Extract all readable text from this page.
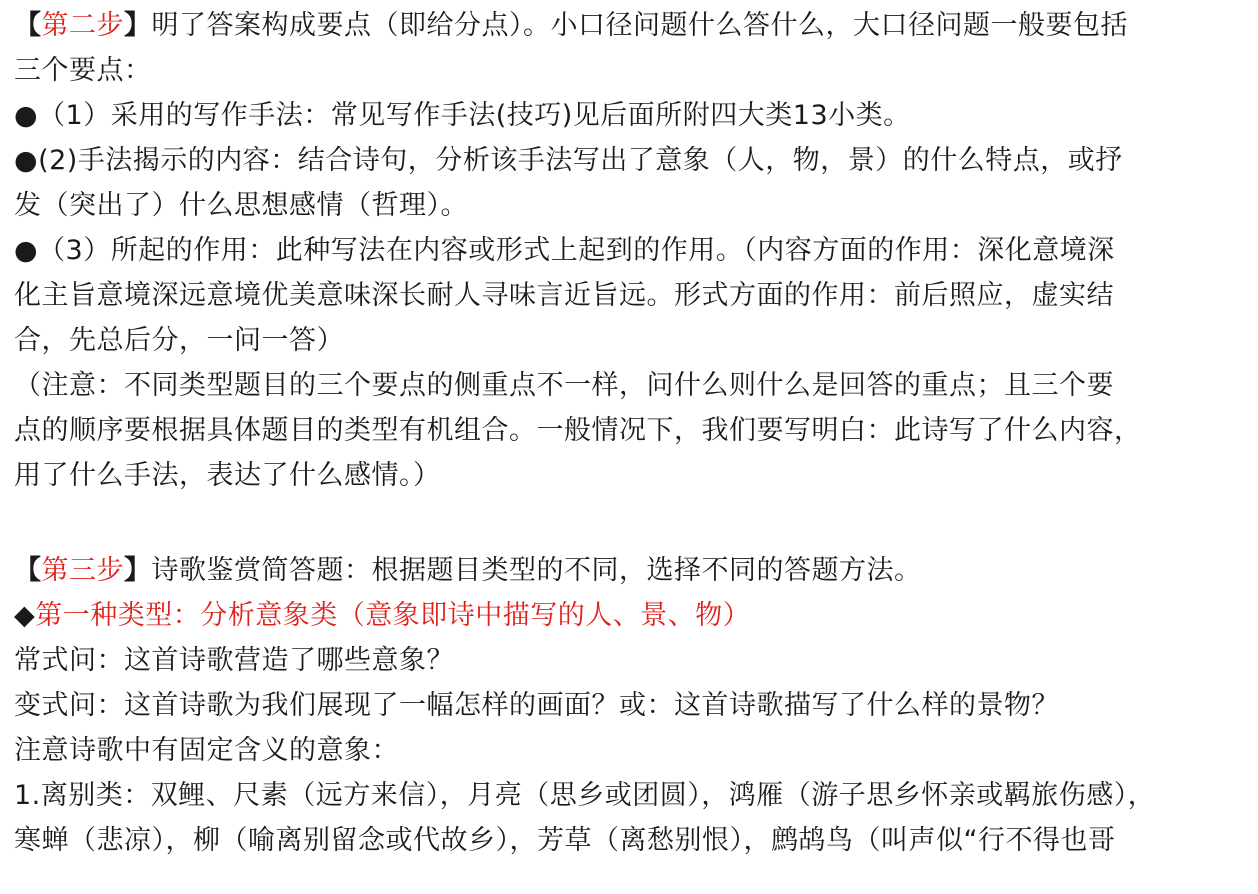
【第二步】明了答案构成要点（即给分点）。小口径问题什么答什么，大口径问题一般要包括
三个要点：
●（1）采用的写作手法：常见写作手法(技巧)见后面所附四大类13小类。
●(2)手法揭示的内容：结合诗句，分析该手法写出了意象（人，物，景）的什么特点，或抒
发（突出了）什么思想感情（哲理）。
●（3）所起的作用：此种写法在内容或形式上起到的作用。（内容方面的作用：深化意境深
化主旨意境深远意境优美意味深长耐人寻味言近旨远。形式方面的作用：前后照应，虚实结
合，先总后分，一问一答）
（注意：不同类型题目的三个要点的侧重点不一样，问什么则什么是回答的重点；且三个要
点的顺序要根据具体题目的类型有机组合。一般情况下，我们要写明白：此诗写了什么内容，
用了什么手法，表达了什么感情。）
【第三步】诗歌鉴赏简答题：根据题目类型的不同，选择不同的答题方法。
◆第一种类型：分析意象类（意象即诗中描写的人、景、物）
常式问：这首诗歌营造了哪些意象？
变式问：这首诗歌为我们展现了一幅怎样的画面？或：这首诗歌描写了什么样的景物？
注意诗歌中有固定含义的意象：
1.离别类：双鲤、尺素（远方来信），月亮（思乡或团圆），鸿雁（游子思乡怀亲或羁旅伤感），
寒蝉（悲凉），柳（喻离别留念或代故乡），芳草（离愁别恨），鹧鸪鸟（叫声似“行不得也哥
